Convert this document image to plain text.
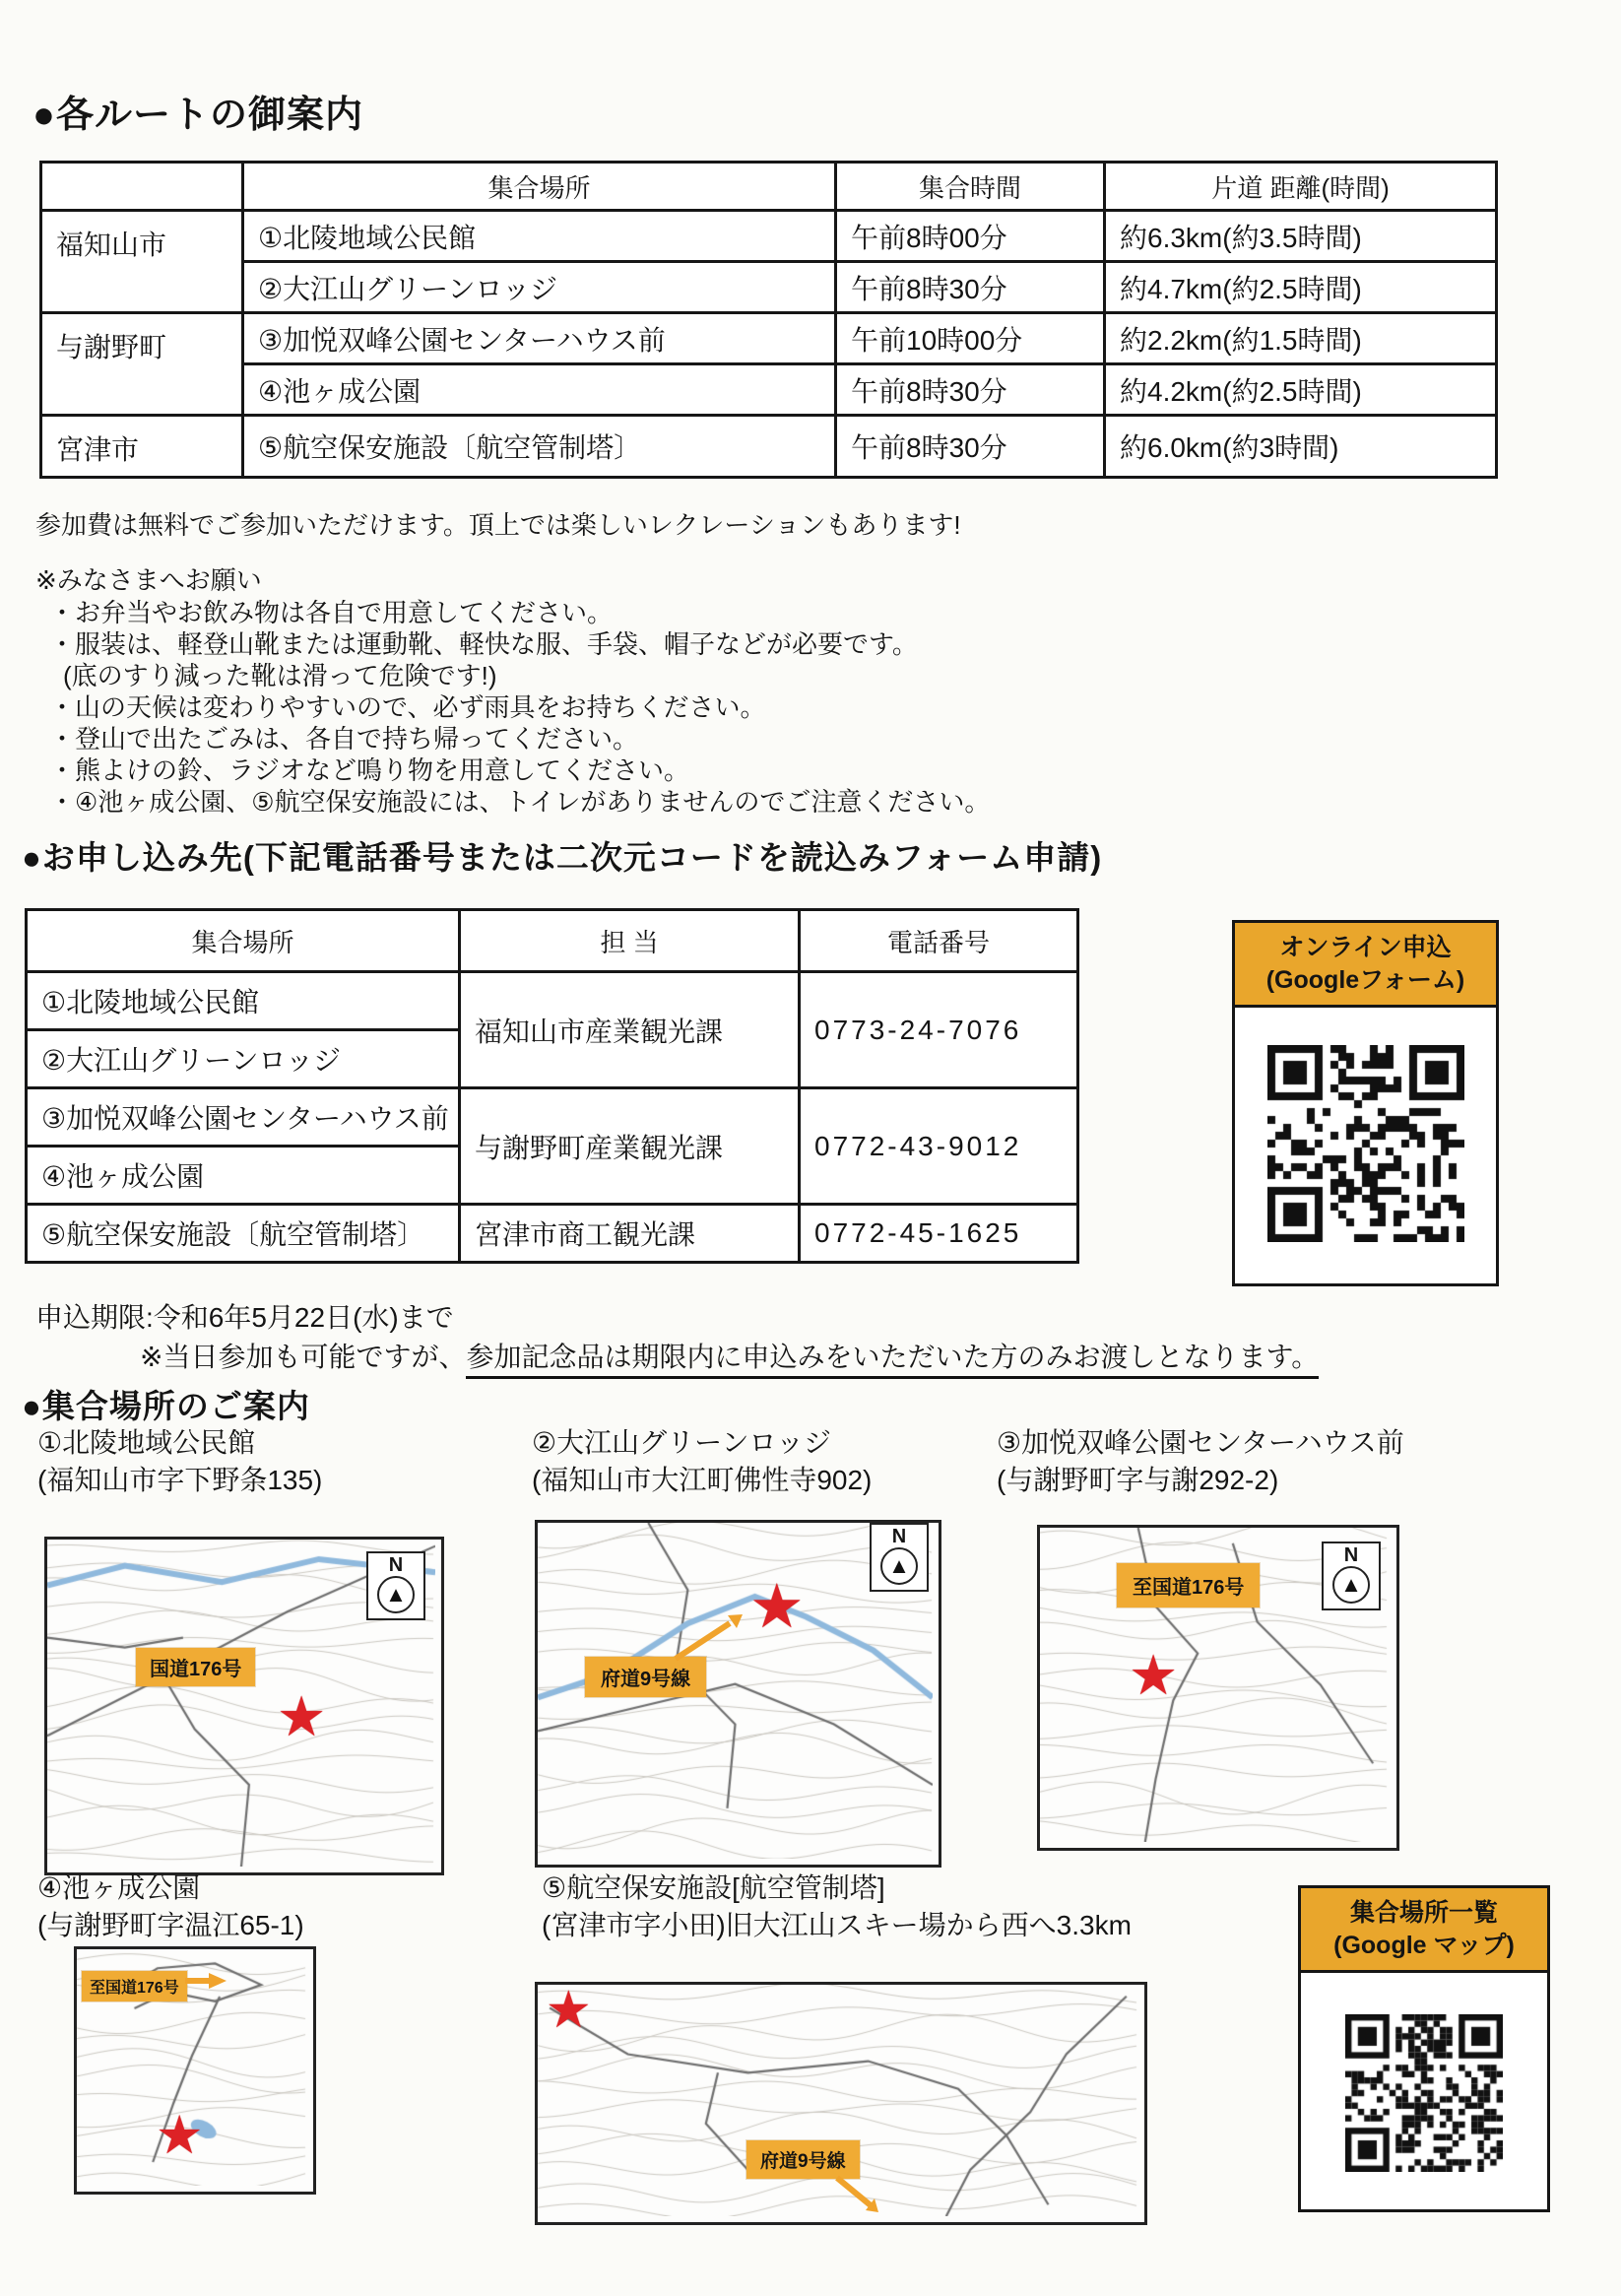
●各ルートの御案内
	集合場所	集合時間	片道 距離(時間)
福知山市	①北陵地域公民館	午前8時00分	約6.3km(約3.5時間)
	②大江山グリーンロッジ	午前8時30分	約4.7km(約2.5時間)
与謝野町	③加悦双峰公園センターハウス前	午前10時00分	約2.2km(約1.5時間)
	④池ヶ成公園	午前8時30分	約4.2km(約2.5時間)
宮津市	⑤航空保安施設〔航空管制塔〕	午前8時30分	約6.0km(約3時間)
参加費は無料でご参加いただけます。頂上では楽しいレクレーションもあります!
※みなさまへお願い
・お弁当やお飲み物は各自で用意してください。
・服装は、軽登山靴または運動靴、軽快な服、手袋、帽子などが必要です。
(底のすり減った靴は滑って危険です!)
・山の天候は変わりやすいので、必ず雨具をお持ちください。
・登山で出たごみは、各自で持ち帰ってください。
・熊よけの鈴、ラジオなど鳴り物を用意してください。
・④池ヶ成公園、⑤航空保安施設には、トイレがありませんのでご注意ください。
●お申し込み先(下記電話番号または二次元コードを読込みフォーム申請)
集合場所	担 当	電話番号
①北陵地域公民館	福知山市産業観光課	0773-24-7076
②大江山グリーンロッジ		
③加悦双峰公園センターハウス前	与謝野町産業観光課	0772-43-9012
④池ヶ成公園		
⑤航空保安施設〔航空管制塔〕	宮津市商工観光課	0772-45-1625
オンライン申込
(Googleフォーム)
申込期限:令和6年5月22日(水)まで
※当日参加も可能ですが、参加記念品は期限内に申込みをいただいた方のみお渡しとなります。
●集合場所のご案内
①北陵地域公民館
(福知山市字下野条135)
②大江山グリーンロッジ
(福知山市大江町佛性寺902)
③加悦双峰公園センターハウス前
(与謝野町字与謝292-2)
国道176号
★
N
▲	★
府道9号線
N
▲
至国道176号
★
N
▲
④池ヶ成公園
(与謝野町字温江65-1)
⑤航空保安施設[航空管制塔]
(宮津市字小田)旧大江山スキー場から西へ3.3km
至国道176号
★
★
府道9号線
集合場所一覧
(Google マップ)
